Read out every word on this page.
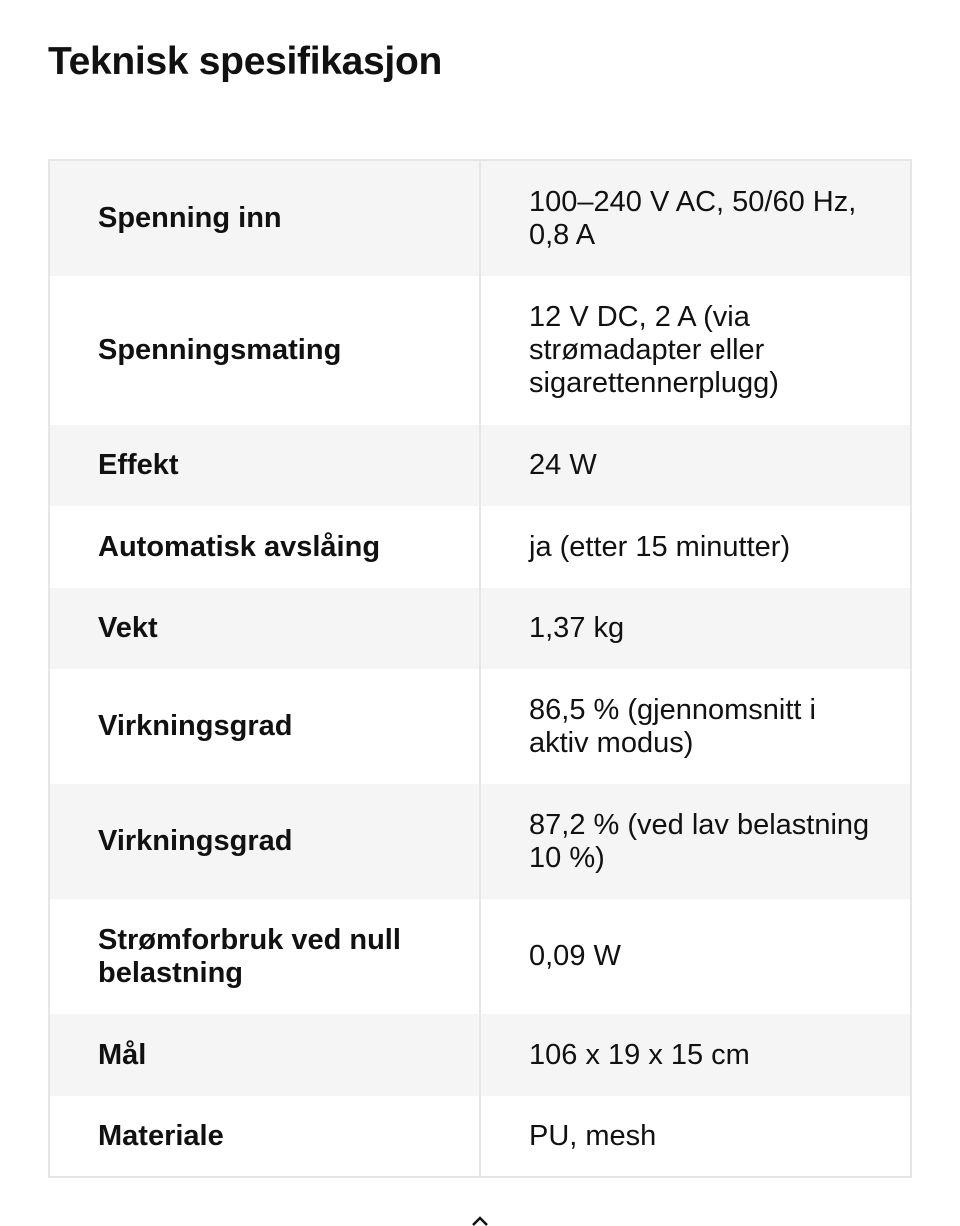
Teknisk spesifikasjon
Spenning inn	100–240 V AC, 50/60 Hz, 0,8 A
Spenningsmating	12 V DC, 2 A (via strømadapter eller sigarettennerplugg)
Effekt	24 W
Automatisk avslåing	ja (etter 15 minutter)
Vekt	1,37 kg
Virkningsgrad	86,5 % (gjennomsnitt i aktiv modus)
Virkningsgrad	87,2 % (ved lav belastning 10 %)
Strømforbruk ved null belastning	0,09 W
Mål	106 x 19 x 15 cm
Materiale	PU, mesh
